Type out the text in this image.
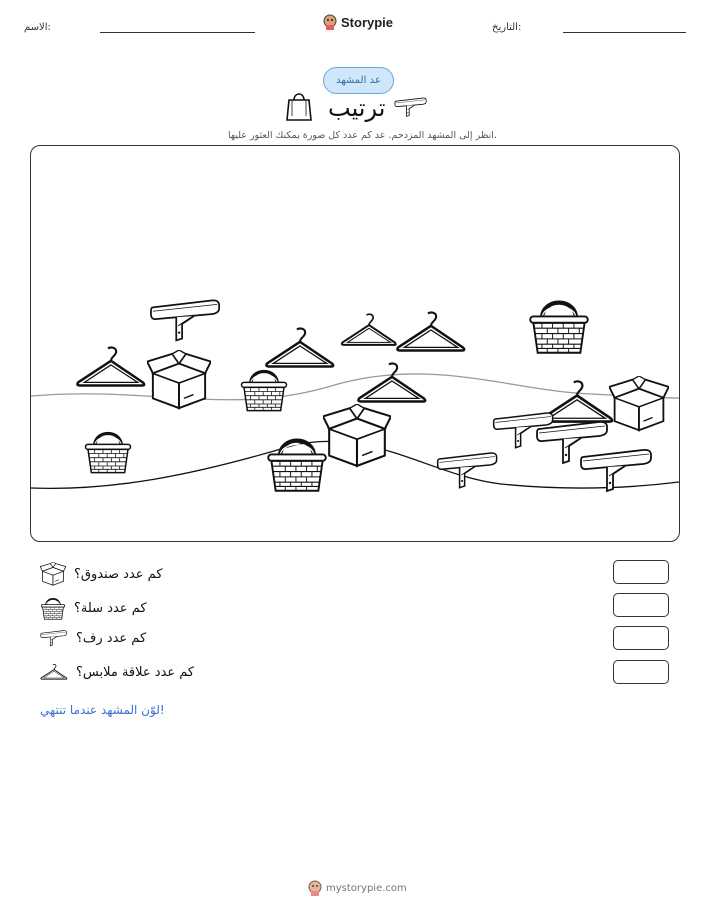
الاسم:	Storypie	التاريخ:
عد المشهد
ترتيب
انظر إلى المشهد المزدحم. عد كم عدد كل صورة يمكنك العثور عليها.
كم عدد صندوق؟
كم عدد سلة؟
كم عدد رف؟
كم عدد علاقة ملابس؟
لوّن المشهد عندما تنتهي!
mystorypie.com
